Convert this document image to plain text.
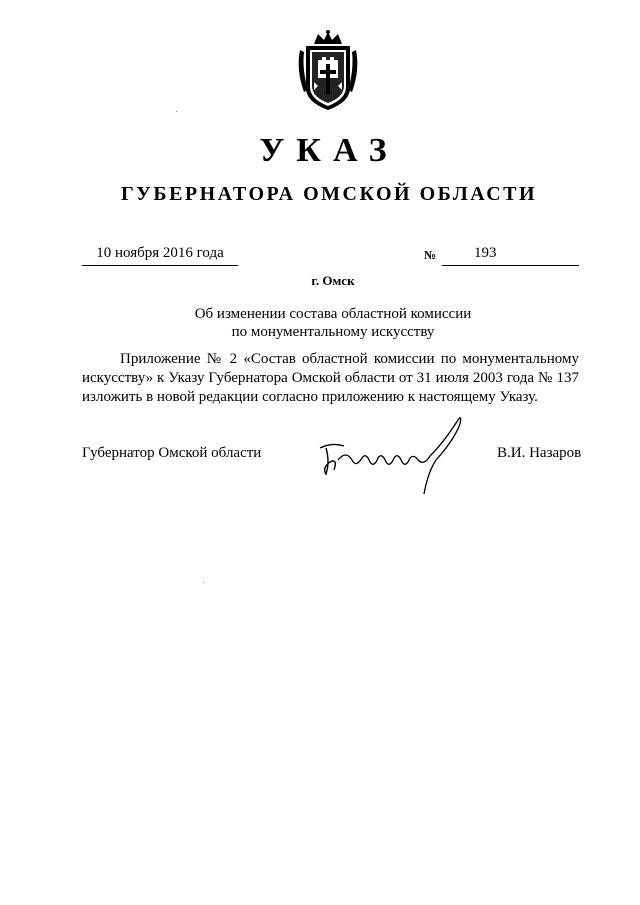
УКАЗ
ГУБЕРНАТОРА ОМСКОЙ ОБЛАСТИ
10 ноября 2016 года	№	193
г. Омск
Об изменении состава областной комиссии
по монументальному искусству
Приложение № 2 «Состав областной комиссии по монументальному искусству» к Указу Губернатора Омской области от 31 июля 2003 года № 137 изложить в новой редакции согласно приложению к настоящему Указу.
Губернатор Омской области	В.И. Назаров
